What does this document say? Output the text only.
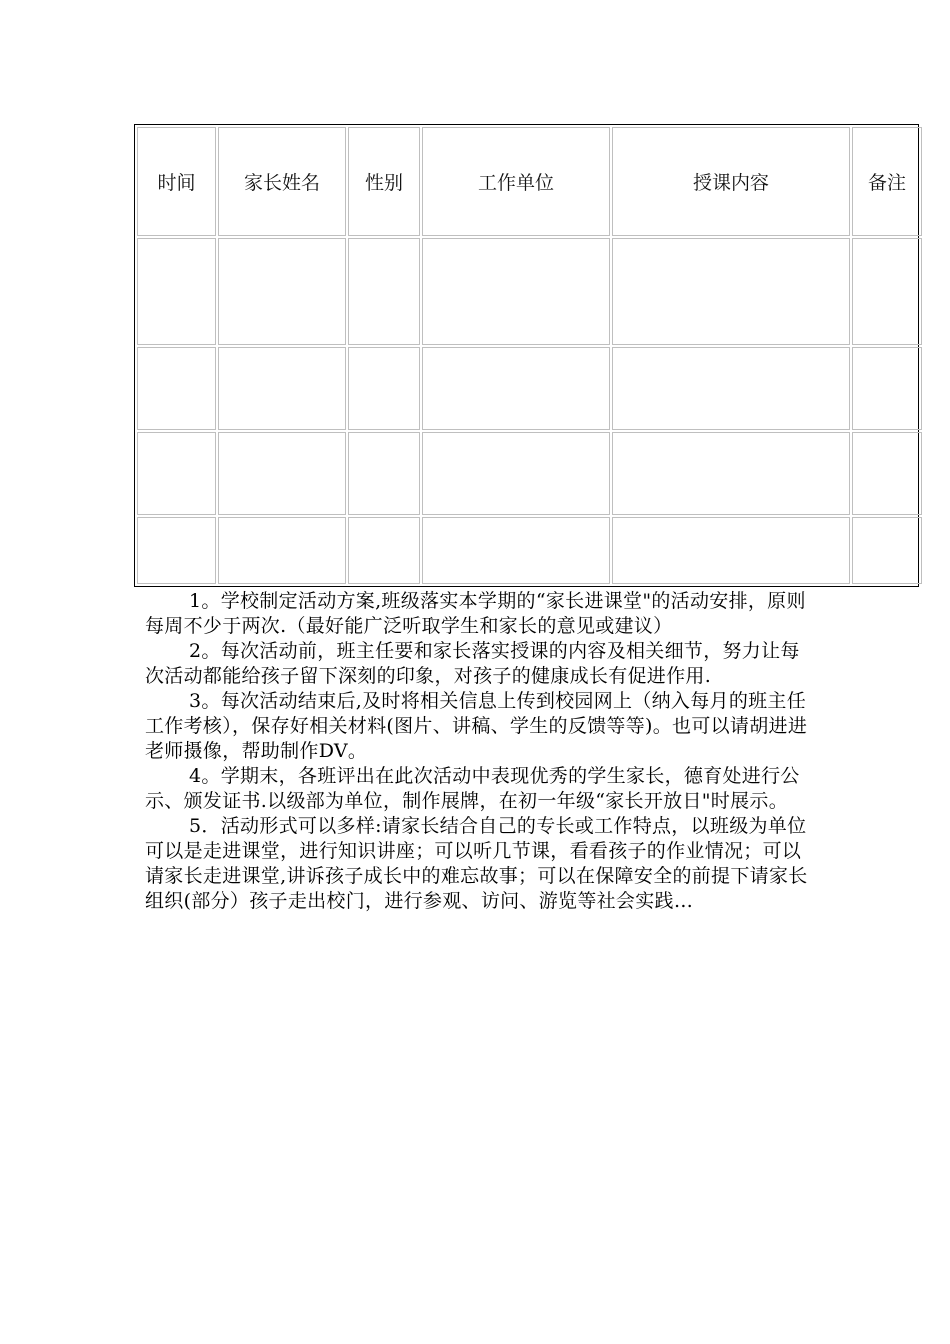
时间	家长姓名	性别	工作单位	授课内容	备注

1。学校制定活动方案,班级落实本学期的“家长进课堂"的活动安排，原则每周不少于两次.（最好能广泛听取学生和家长的意见或建议）

2。每次活动前，班主任要和家长落实授课的内容及相关细节，努力让每次活动都能给孩子留下深刻的印象，对孩子的健康成长有促进作用.

3。每次活动结束后,及时将相关信息上传到校园网上（纳入每月的班主任工作考核），保存好相关材料(图片、讲稿、学生的反馈等等)。也可以请胡进进老师摄像，帮助制作DV。

4。学期末，各班评出在此次活动中表现优秀的学生家长，德育处进行公示、颁发证书.以级部为单位，制作展牌，在初一年级“家长开放日"时展示。

5．活动形式可以多样:请家长结合自己的专长或工作特点，以班级为单位可以是走进课堂，进行知识讲座；可以听几节课，看看孩子的作业情况；可以请家长走进课堂,讲诉孩子成长中的难忘故事；可以在保障安全的前提下请家长组织(部分）孩子走出校门，进行参观、访问、游览等社会实践…
